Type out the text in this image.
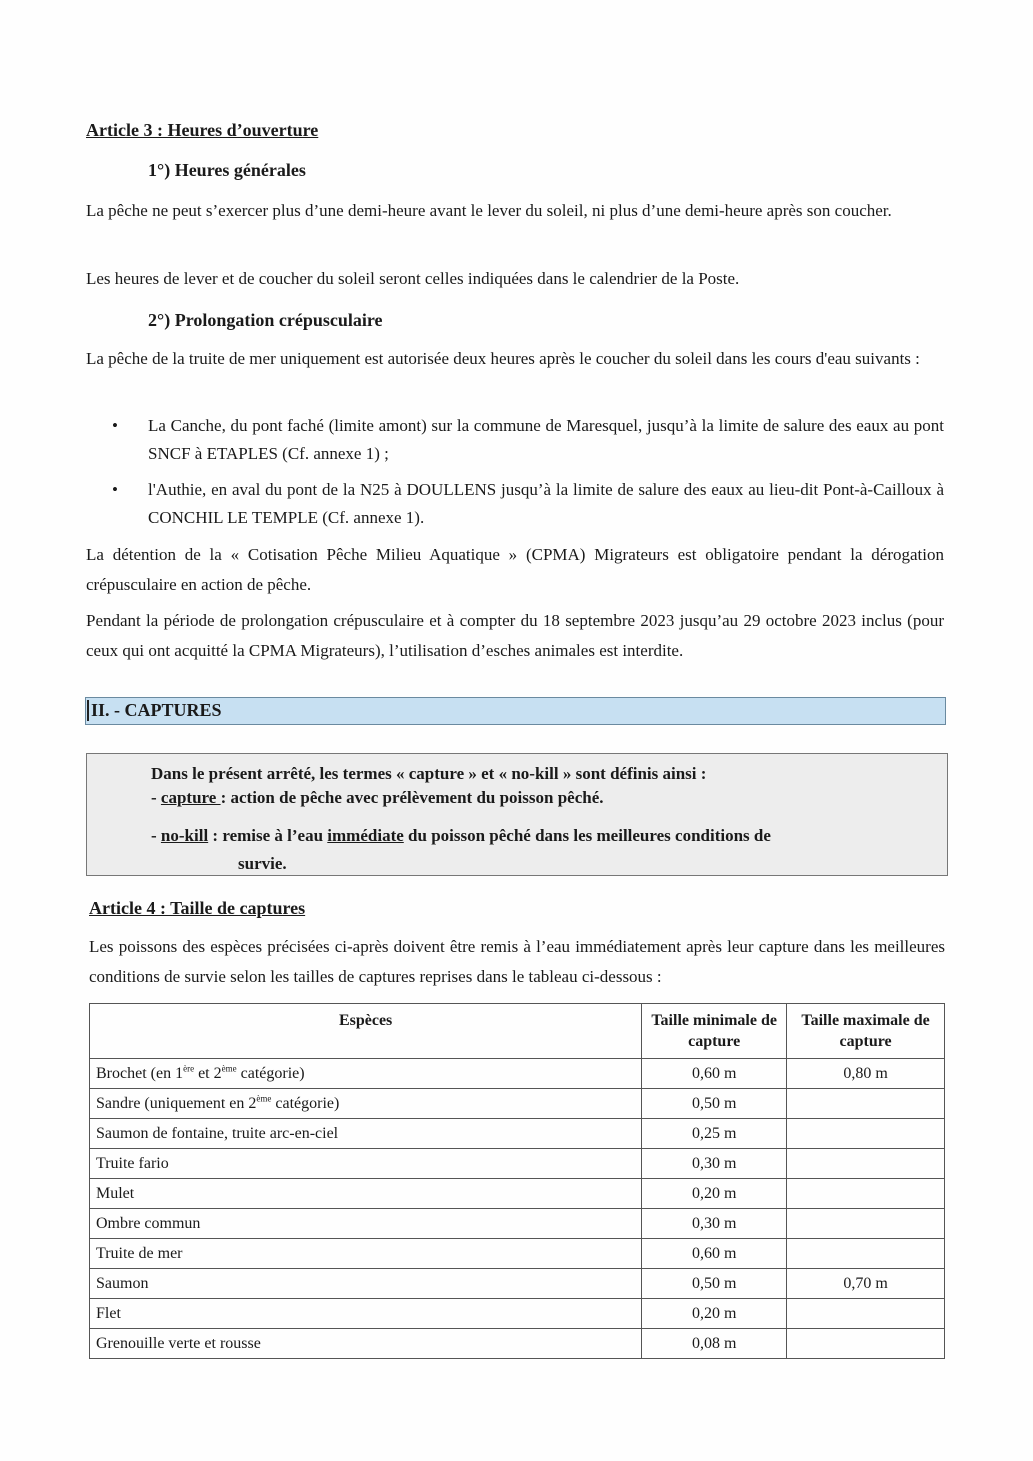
Article 3 : Heures d’ouverture
1°) Heures générales

La pêche ne peut s’exercer plus d’une demi-heure avant le lever du soleil, ni plus d’une demi-heure après son coucher.

Les heures de lever et de coucher du soleil seront celles indiquées dans le calendrier de la Poste.

2°) Prolongation crépusculaire

La pêche de la truite de mer uniquement est autorisée deux heures après le coucher du soleil dans les cours d'eau suivants :

• La Canche, du pont faché (limite amont) sur la commune de Maresquel, jusqu’à la limite de salure des eaux au pont SNCF à ETAPLES (Cf. annexe 1) ;
• l'Authie, en aval du pont de la N25 à DOULLENS jusqu’à la limite de salure des eaux au lieu-dit Pont-à-Cailloux à CONCHIL LE TEMPLE (Cf. annexe 1).

La détention de la « Cotisation Pêche Milieu Aquatique » (CPMA) Migrateurs est obligatoire pendant la dérogation crépusculaire en action de pêche.

Pendant la période de prolongation crépusculaire et à compter du 18 septembre 2023 jusqu’au 29 octobre 2023 inclus (pour ceux qui ont acquitté la CPMA Migrateurs), l’utilisation d’esches animales est interdite.

II. - CAPTURES
Dans le présent arrêté, les termes « capture » et « no-kill » sont définis ainsi :
- capture : action de pêche avec prélèvement du poisson pêché.
- no-kill : remise à l’eau immédiate du poisson pêché dans les meilleures conditions de
survie.
Article 4 : Taille de captures

Les poissons des espèces précisées ci-après doivent être remis à l’eau immédiatement après leur capture dans les meilleures conditions de survie selon les tailles de captures reprises dans le tableau ci-dessous :

Espèces	Taille minimale de capture	Taille maximale de capture
Brochet (en 1ère et 2ème catégorie)	0,60 m	0,80 m
Sandre (uniquement en 2ème catégorie)	0,50 m	
Saumon de fontaine, truite arc-en-ciel	0,25 m	
Truite fario	0,30 m	
Mulet	0,20 m	
Ombre commun	0,30 m	
Truite de mer	0,60 m	
Saumon	0,50 m	0,70 m
Flet	0,20 m	
Grenouille verte et rousse	0,08 m	
